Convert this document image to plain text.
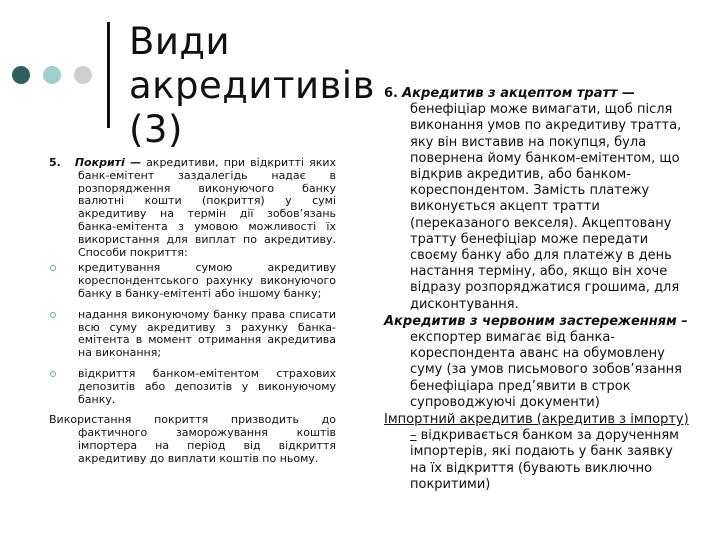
Види
акредитивів
(3)

5. Покриті — акредитиви, при відкритті яких банк-емітент заздалегідь надає в розпорядження виконуючого банку валютні кошти (покриття) у сумі акредитиву на термін дії зобов’язань банка-емітента з умовою можливості їх використання для виплат по акредитиву. Способи покриття:

кредитування сумою акредитиву кореспондентського рахунку виконуючого банку в банку-емітенті або іншому банку;
надання виконуючому банку права списати всю суму акредитиву з рахунку банка-емітента в момент отримання акредитива на виконання;
відкриття банком-емітентом страхових депозитів або депозитів у виконуючому банку.

Використання покриття призводить до фактичного заморожування коштів імпортера на період від відкриття акредитиву до виплати коштів по ньому.

6. Акредитив з акцептом тратт — бенефіціар може вимагати, щоб після виконання умов по акредитиву тратта, яку він виставив на покупця, була повернена йому банком-емітентом, що відкрив акредитив, або банком-кореспондентом. Замість платежу виконується акцепт тратти (переказаного векселя). Акцептовану тратту бенефіціар може передати своєму банку або для платежу в день настання терміну, або, якщо він хоче відразу розпоряджатися грошима, для дисконтування.

Акредитив з червоним застереженням – експортер вимагає від банка-кореспондента аванс на обумовлену суму (за умов письмового зобов’язання бенефіціара пред’явити в строк супроводжуючі документи)

Імпортний акредитив (акредитив з імпорту) – відкривається банком за дорученням імпортерів, які подають у банк заявку на їх відкриття (бувають виключно покритими)
